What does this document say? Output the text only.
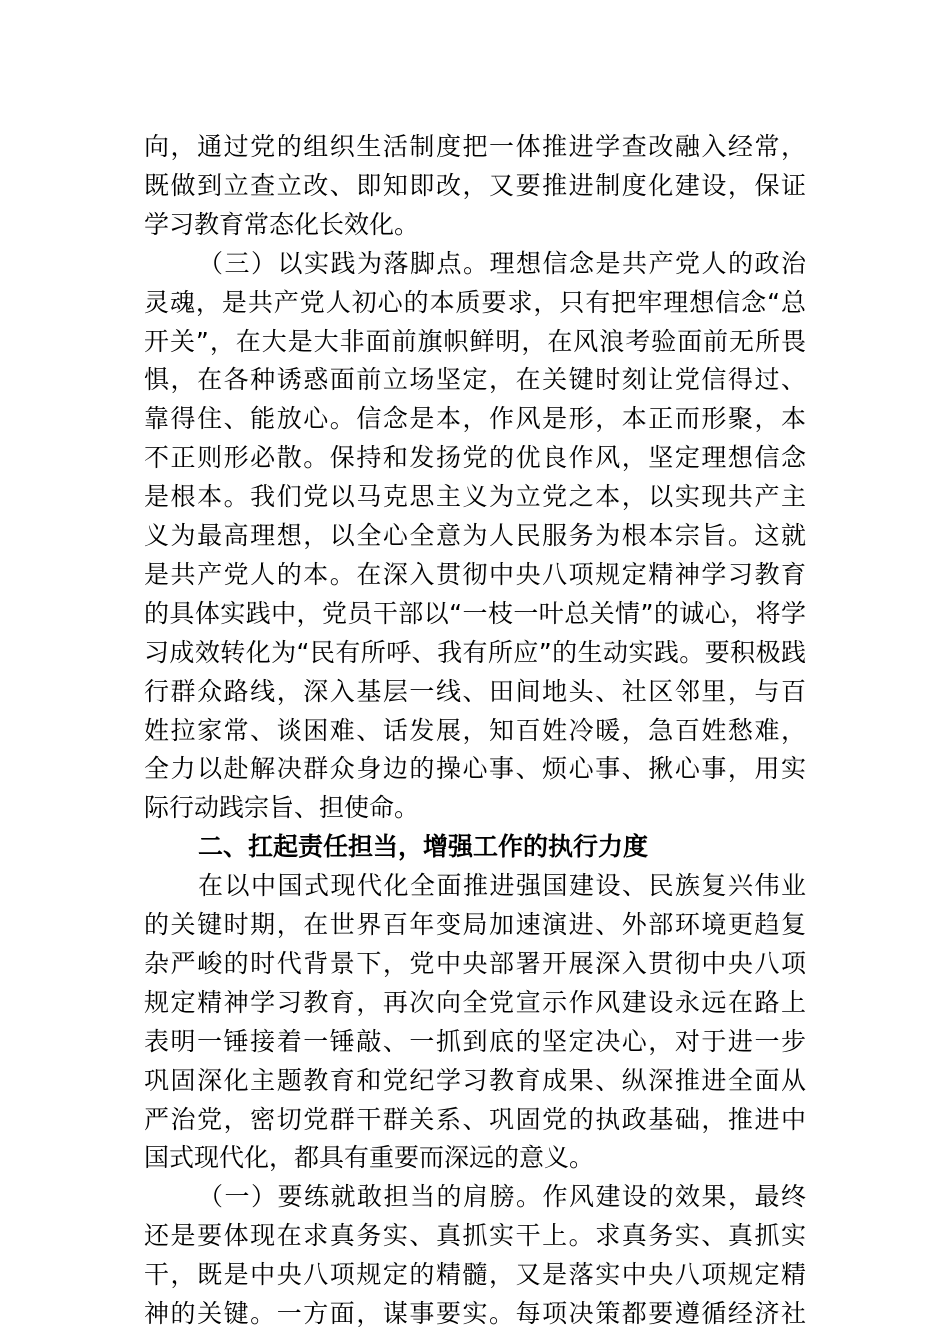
向，通过党的组织生活制度把一体推进学查改融入经常，
既做到立查立改、即知即改，又要推进制度化建设，保证
学习教育常态化长效化。
（三）以实践为落脚点。理想信念是共产党人的政治
灵魂，是共产党人初心的本质要求，只有把牢理想信念“总
开关”，在大是大非面前旗帜鲜明，在风浪考验面前无所畏
惧，在各种诱惑面前立场坚定，在关键时刻让党信得过、
靠得住、能放心。信念是本，作风是形，本正而形聚，本
不正则形必散。保持和发扬党的优良作风，坚定理想信念
是根本。我们党以马克思主义为立党之本，以实现共产主
义为最高理想，以全心全意为人民服务为根本宗旨。这就
是共产党人的本。在深入贯彻中央八项规定精神学习教育
的具体实践中，党员干部以“一枝一叶总关情”的诚心，将学
习成效转化为“民有所呼、我有所应”的生动实践。要积极践
行群众路线，深入基层一线、田间地头、社区邻里，与百
姓拉家常、谈困难、话发展，知百姓冷暖，急百姓愁难，
全力以赴解决群众身边的操心事、烦心事、揪心事，用实
际行动践宗旨、担使命。
二、扛起责任担当，增强工作的执行力度
在以中国式现代化全面推进强国建设、民族复兴伟业
的关键时期，在世界百年变局加速演进、外部环境更趋复
杂严峻的时代背景下，党中央部署开展深入贯彻中央八项
规定精神学习教育，再次向全党宣示作风建设永远在路上
表明一锤接着一锤敲、一抓到底的坚定决心，对于进一步
巩固深化主题教育和党纪学习教育成果、纵深推进全面从
严治党，密切党群干群关系、巩固党的执政基础，推进中
国式现代化，都具有重要而深远的意义。
（一）要练就敢担当的肩膀。作风建设的效果，最终
还是要体现在求真务实、真抓实干上。求真务实、真抓实
干，既是中央八项规定的精髓，又是落实中央八项规定精
神的关键。一方面，谋事要实。每项决策都要遵循经济社
